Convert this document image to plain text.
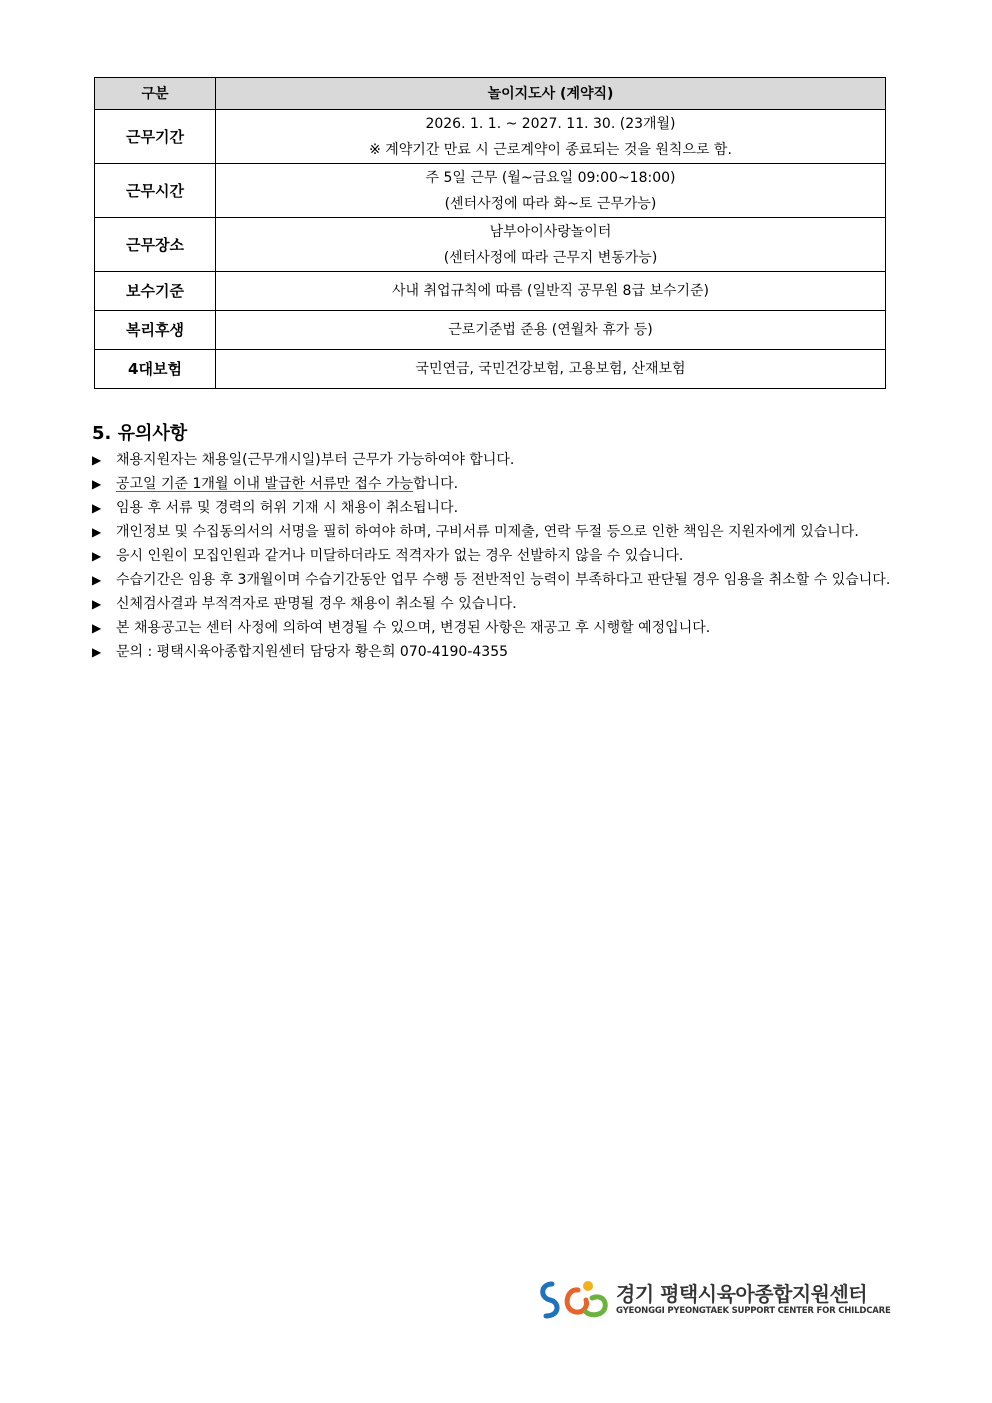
구분	놀이지도사 (계약직)
근무기간	2026. 1. 1. ~ 2027. 11. 30. (23개월)
※ 계약기간 만료 시 근로계약이 종료되는 것을 원칙으로 함.

근무시간	주 5일 근무 (월~금요일 09:00~18:00)
(센터사정에 따라 화~토 근무가능)

근무장소	남부아이사랑놀이터
(센터사정에 따라 근무지 변동가능)

보수기준	사내 취업규칙에 따름 (일반직 공무원 8급 보수기준)
복리후생	근로기준법 준용 (연월차 휴가 등)
4대보험	국민연금, 국민건강보험, 고용보험, 산재보험
5. 유의사항
▶ 채용지원자는 채용일(근무개시일)부터 근무가 가능하여야 합니다.
▶ 공고일 기준 1개월 이내 발급한 서류만 접수 가능합니다.
▶ 임용 후 서류 및 경력의 허위 기재 시 채용이 취소됩니다.
▶ 개인정보 및 수집동의서의 서명을 필히 하여야 하며, 구비서류 미제출, 연락 두절 등으로 인한 책임은 지원자에게 있습니다.
▶ 응시 인원이 모집인원과 같거나 미달하더라도 적격자가 없는 경우 선발하지 않을 수 있습니다.
▶ 수습기간은 임용 후 3개월이며 수습기간동안 업무 수행 등 전반적인 능력이 부족하다고 판단될 경우 임용을 취소할 수 있습니다.
▶ 신체검사결과 부적격자로 판명될 경우 채용이 취소될 수 있습니다.
▶ 본 채용공고는 센터 사정에 의하여 변경될 수 있으며, 변경된 사항은 재공고 후 시행할 예정입니다.
▶ 문의 : 평택시육아종합지원센터 담당자 황은희 070-4190-4355
경기 평택시육아종합지원센터
GYEONGGI PYEONGTAEK SUPPORT CENTER FOR CHILDCARE
